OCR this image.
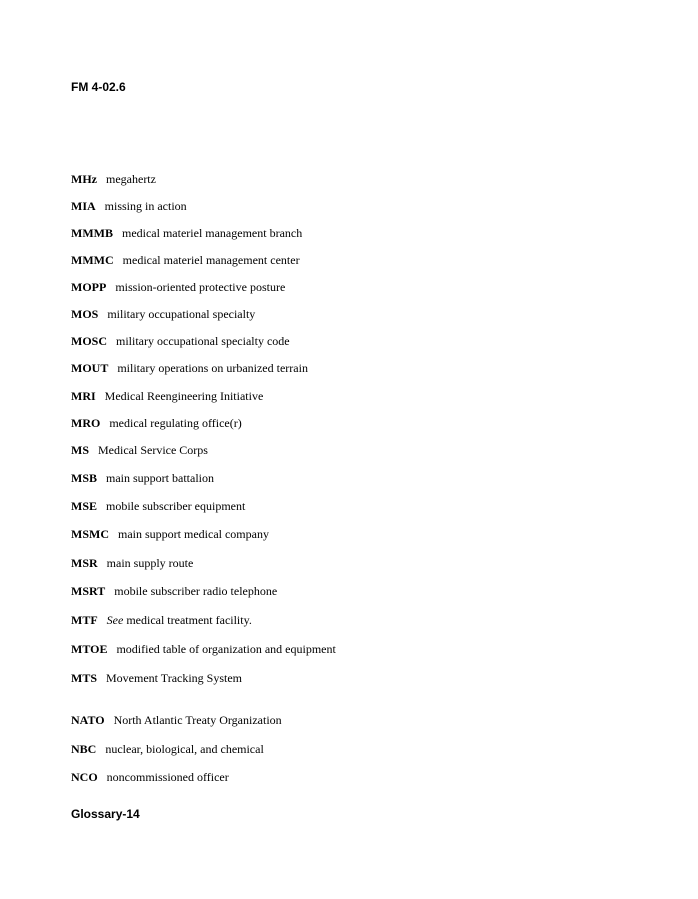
FM 4-02.6
MHz megahertz
MIA missing in action
MMMB medical materiel management branch
MMMC medical materiel management center
MOPP mission-oriented protective posture
MOS military occupational specialty
MOSC military occupational specialty code
MOUT military operations on urbanized terrain
MRI Medical Reengineering Initiative
MRO medical regulating office(r)
MS Medical Service Corps
MSB main support battalion
MSE mobile subscriber equipment
MSMC main support medical company
MSR main supply route
MSRT mobile subscriber radio telephone
MTF See medical treatment facility.
MTOE modified table of organization and equipment
MTS Movement Tracking System
NATO North Atlantic Treaty Organization
NBC nuclear, biological, and chemical
NCO noncommissioned officer
Glossary-14
